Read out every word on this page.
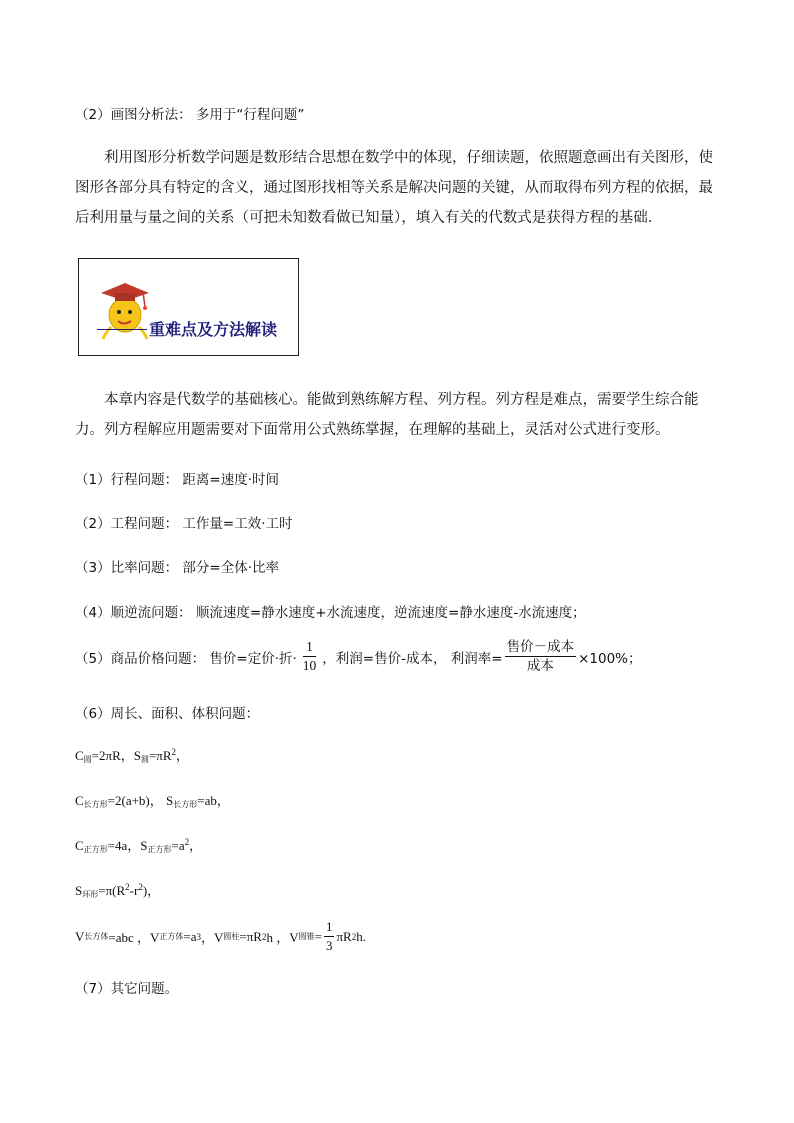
（2）画图分析法： 多用于“行程问题”
利用图形分析数学问题是数形结合思想在数学中的体现，仔细读题，依照题意画出有关图形，使图形各部分具有特定的含义，通过图形找相等关系是解决问题的关键，从而取得布列方程的依据，最后利用量与量之间的关系（可把未知数看做已知量），填入有关的代数式是获得方程的基础.
重难点及方法解读
本章内容是代数学的基础核心。能做到熟练解方程、列方程。列方程是难点，需要学生综合能力。列方程解应用题需要对下面常用公式熟练掌握，在理解的基础上，灵活对公式进行变形。
（1）行程问题： 距离=速度·时间
（2）工程问题： 工作量=工效·工时
（3）比率问题： 部分=全体·比率
（4）顺逆流问题： 顺流速度=静水速度+水流速度，逆流速度=静水速度-水流速度；
（5）商品价格问题： 售价=定价·折· $\frac{1}{10}$ ，利润=售价-成本， 利润率= $\frac{\text{售价－成本}}{\text{成本}} \times 100\%$；
（6）周长、面积、体积问题：
$C_圆=2\pi R$，$S_圆=\pi R^2$，
$C_{长方形}=2(a+b)$， $S_{长方形}=ab$，
$C_{正方形}=4a$，$S_{正方形}=a^2$，
$S_{环形}=\pi(R^2-r^2)$，
V 长方体 =abc ，V 正方体 =a 3 ，V 圆柱 =πR 2 h ，V 圆锥 = $\frac{1}{3}$ πR 2 h.
（7）其它问题。
